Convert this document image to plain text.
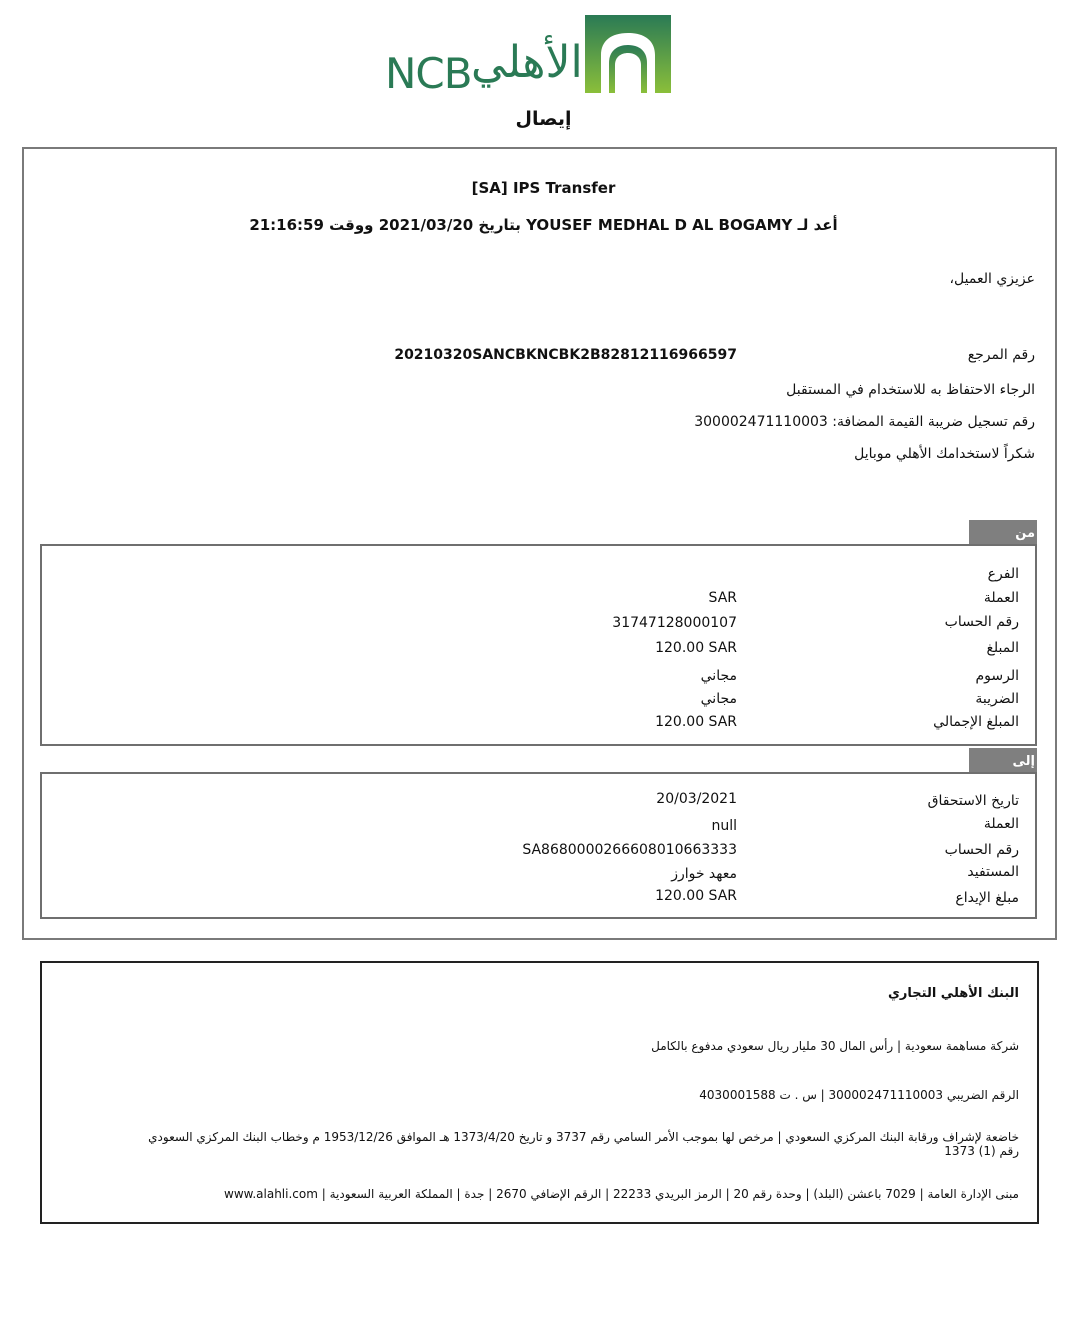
NCB الأهلي
إيصال
[SA] IPS Transfer
أعد لـ YOUSEF MEDHAL D AL BOGAMY بتاريخ 2021/03/20 ووقت 21:16:59
عزيزي العميل،
رقم المرجع
20210320SANCBKNCBK2B82812116966597
الرجاء الاحتفاظ به للاستخدام في المستقبل
رقم تسجيل ضريبة القيمة المضافة: 300002471110003
شكراً لاستخدامك الأهلي موبايل
من
الفرع
العملة
SAR
رقم الحساب
31747128000107
المبلغ
120.00 SAR
الرسوم
مجاني
الضريبة
مجاني
المبلغ الإجمالي
120.00 SAR
إلى
تاريخ الاستحقاق
20/03/2021
العملة
null
رقم الحساب
SA8680000266608010663333
المستفيد
معهد خوارز
مبلغ الإيداع
120.00 SAR
البنك الأهلي التجاري
شركة مساهمة سعودية | رأس المال 30 مليار ريال سعودي مدفوع بالكامل
الرقم الضريبي 300002471110003 | س . ت 4030001588
خاضعة لإشراف ورقابة البنك المركزي السعودي | مرخص لها بموجب الأمر السامي رقم 3737 و تاريخ 1373/4/20 هـ الموافق 1953/12/26 م وخطاب البنك المركزي السعودي
رقم (1) 1373
مبنى الإدارة العامة | 7029 باعشن (البلد) | وحدة رقم 20 | الرمز البريدي 22233 | الرقم الإضافي 2670 | جدة | المملكة العربية السعودية | www.alahli.com
